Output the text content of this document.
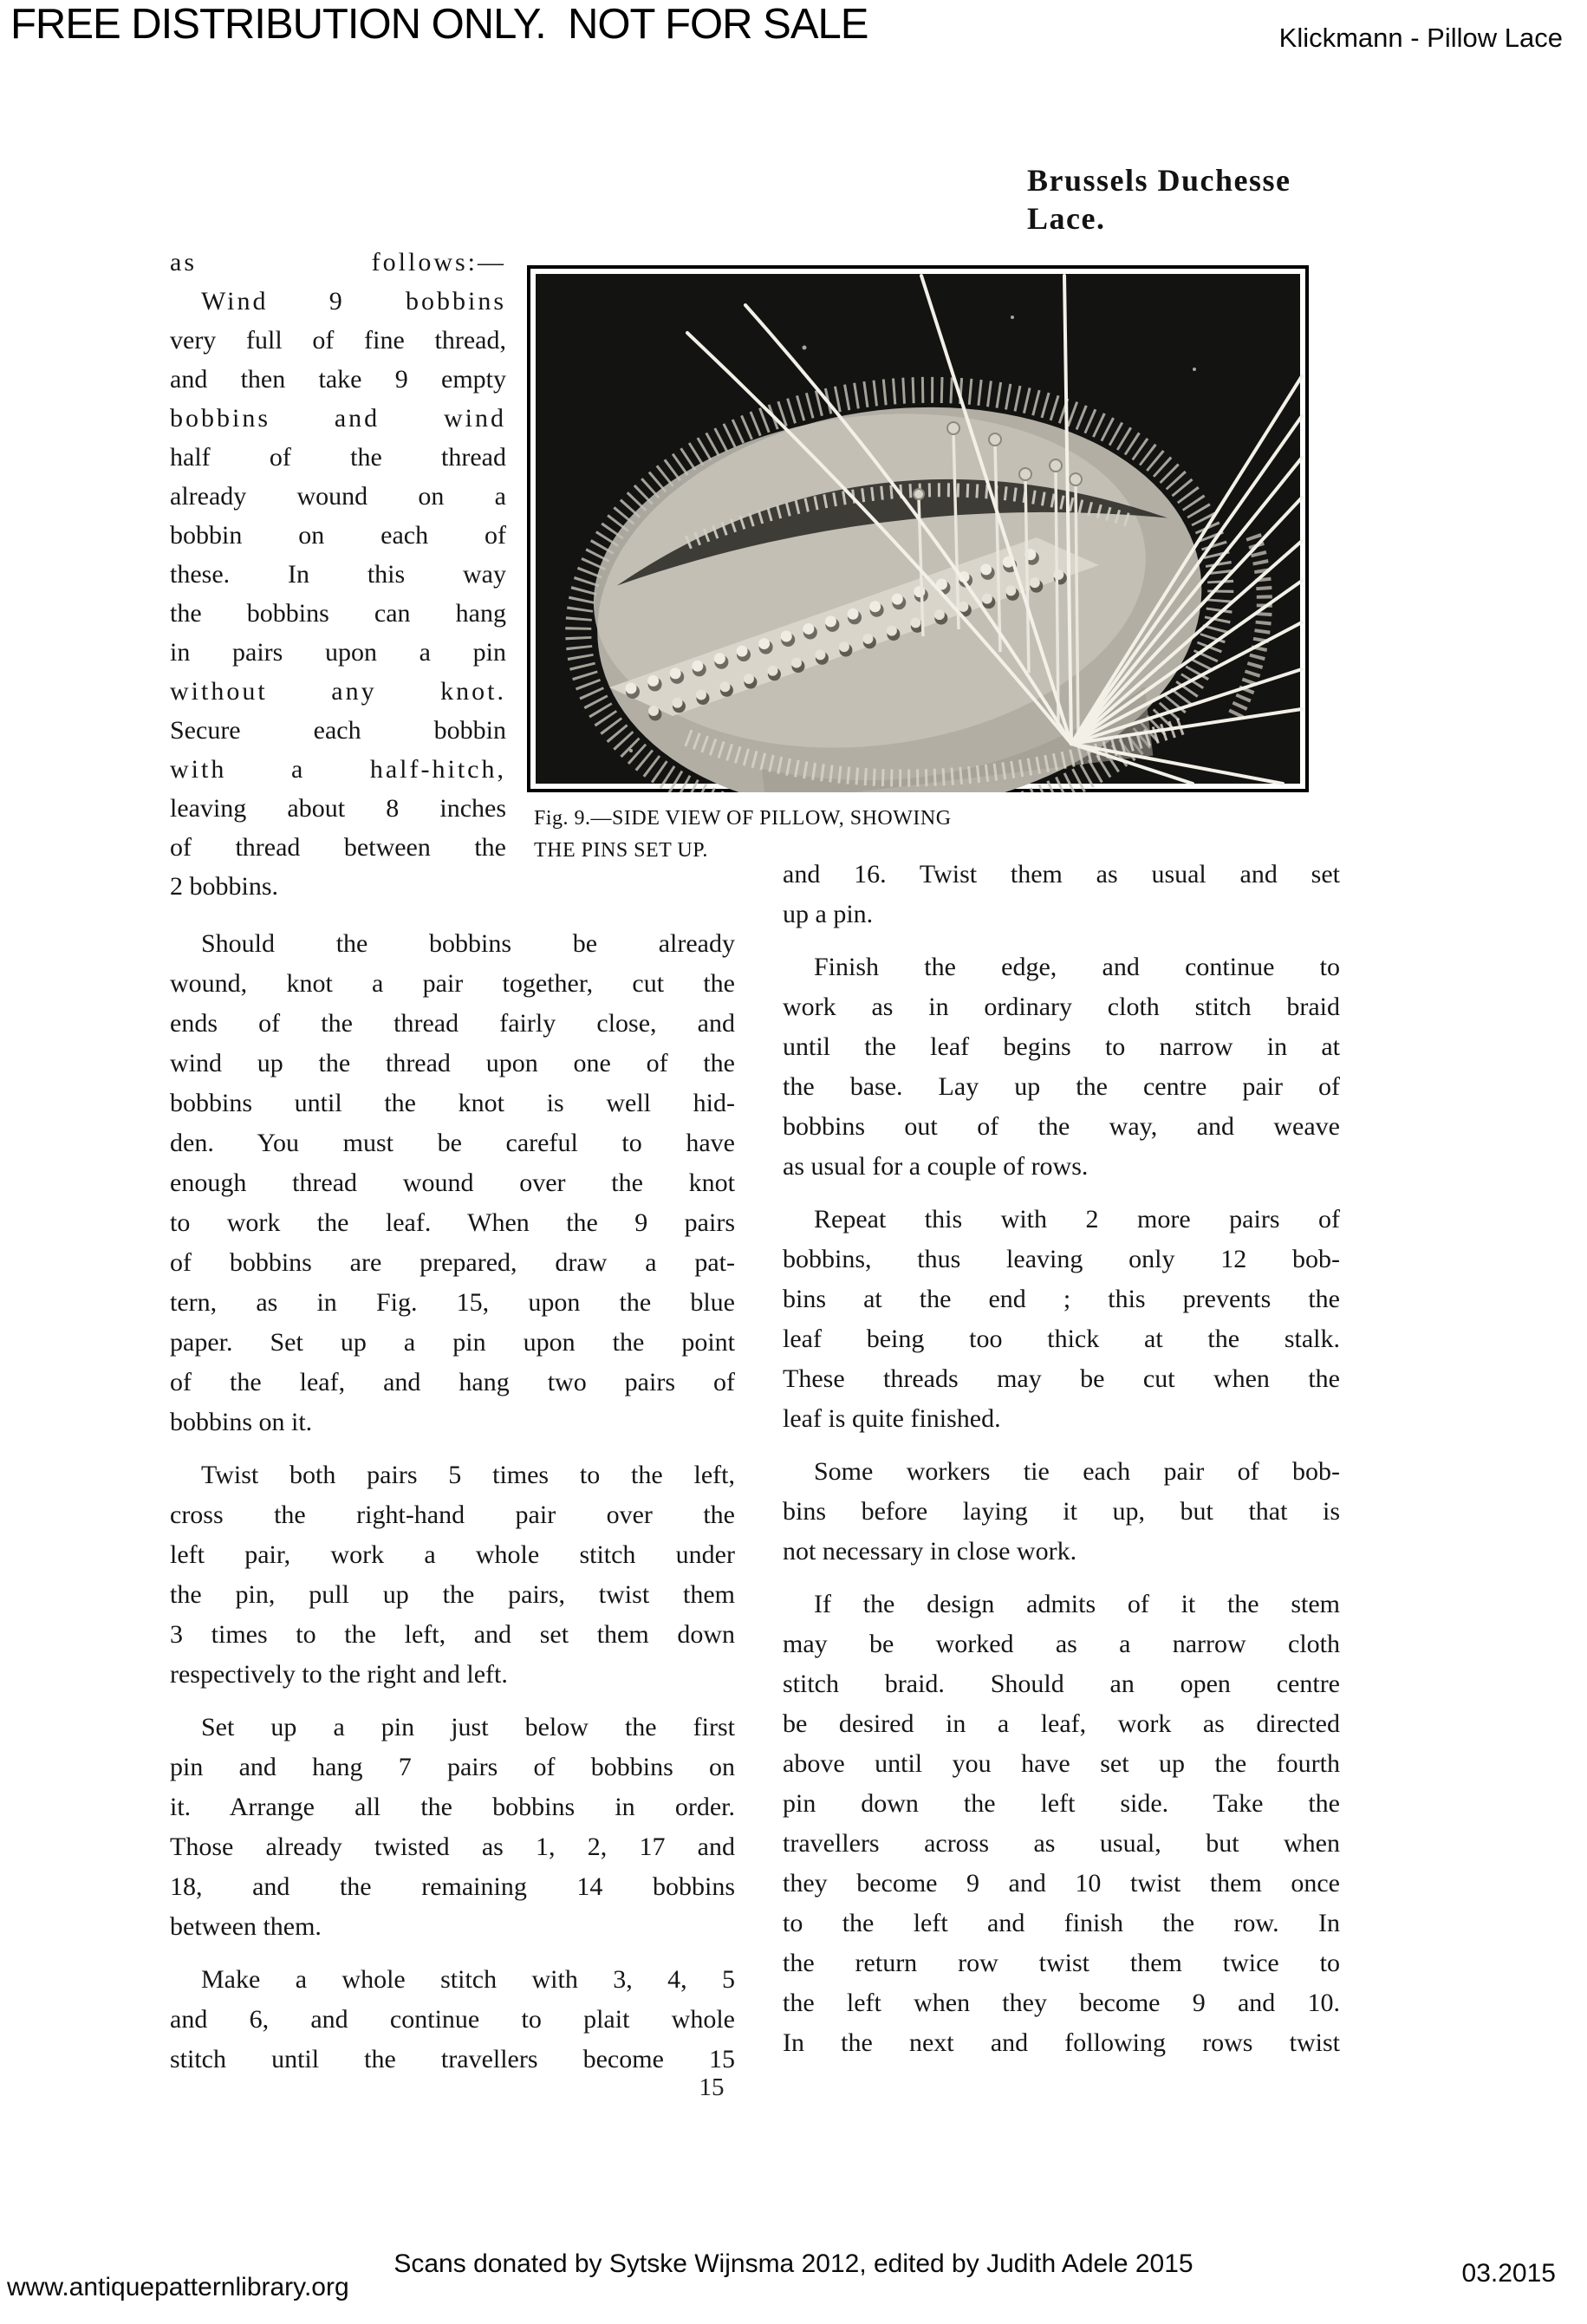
FREE DISTRIBUTION ONLY.  NOT FOR SALE	Klickmann - Pillow Lace
Brussels Duchesse
Lace.
as follows:—
Wind 9 bobbins
very full of fine thread,
and then take 9 empty
bobbins and wind
half of the thread
already wound on a
bobbin on each of
these. In this way
the bobbins can hang
in pairs upon a pin
without any knot.
Secure each bobbin
with a half-hitch,
leaving about 8 inches
of thread between the
2 bobbins.
Fig. 9.—SIDE VIEW OF PILLOW, SHOWING
THE PINS SET UP.
Should the bobbins be already
wound, knot a pair together, cut the
ends of the thread fairly close, and
wind up the thread upon one of the
bobbins until the knot is well hid-
den. You must be careful to have
enough thread wound over the knot
to work the leaf. When the 9 pairs
of bobbins are prepared, draw a pat-
tern, as in Fig. 15, upon the blue
paper. Set up a pin upon the point
of the leaf, and hang two pairs of
bobbins on it.
Twist both pairs 5 times to the left,
cross the right-hand pair over the
left pair, work a whole stitch under
the pin, pull up the pairs, twist them
3 times to the left, and set them down
respectively to the right and left.
Set up a pin just below the first
pin and hang 7 pairs of bobbins on
it. Arrange all the bobbins in order.
Those already twisted as 1, 2, 17 and
18, and the remaining 14 bobbins
between them.
Make a whole stitch with 3, 4, 5
and 6, and continue to plait whole
stitch until the travellers become 15
and 16. Twist them as usual and set
up a pin.
Finish the edge, and continue to
work as in ordinary cloth stitch braid
until the leaf begins to narrow in at
the base. Lay up the centre pair of
bobbins out of the way, and weave
as usual for a couple of rows.
Repeat this with 2 more pairs of
bobbins, thus leaving only 12 bob-
bins at the end ; this prevents the
leaf being too thick at the stalk.
These threads may be cut when the
leaf is quite finished.
Some workers tie each pair of bob-
bins before laying it up, but that is
not necessary in close work.
If the design admits of it the stem
may be worked as a narrow cloth
stitch braid. Should an open centre
be desired in a leaf, work as directed
above until you have set up the fourth
pin down the left side. Take the
travellers across as usual, but when
they become 9 and 10 twist them once
to the left and finish the row. In
the return row twist them twice to
the left when they become 9 and 10.
In the next and following rows twist
15
Scans donated by Sytske Wijnsma 2012, edited by Judith Adele 2015
www.antiquepatternlibrary.org	03.2015
